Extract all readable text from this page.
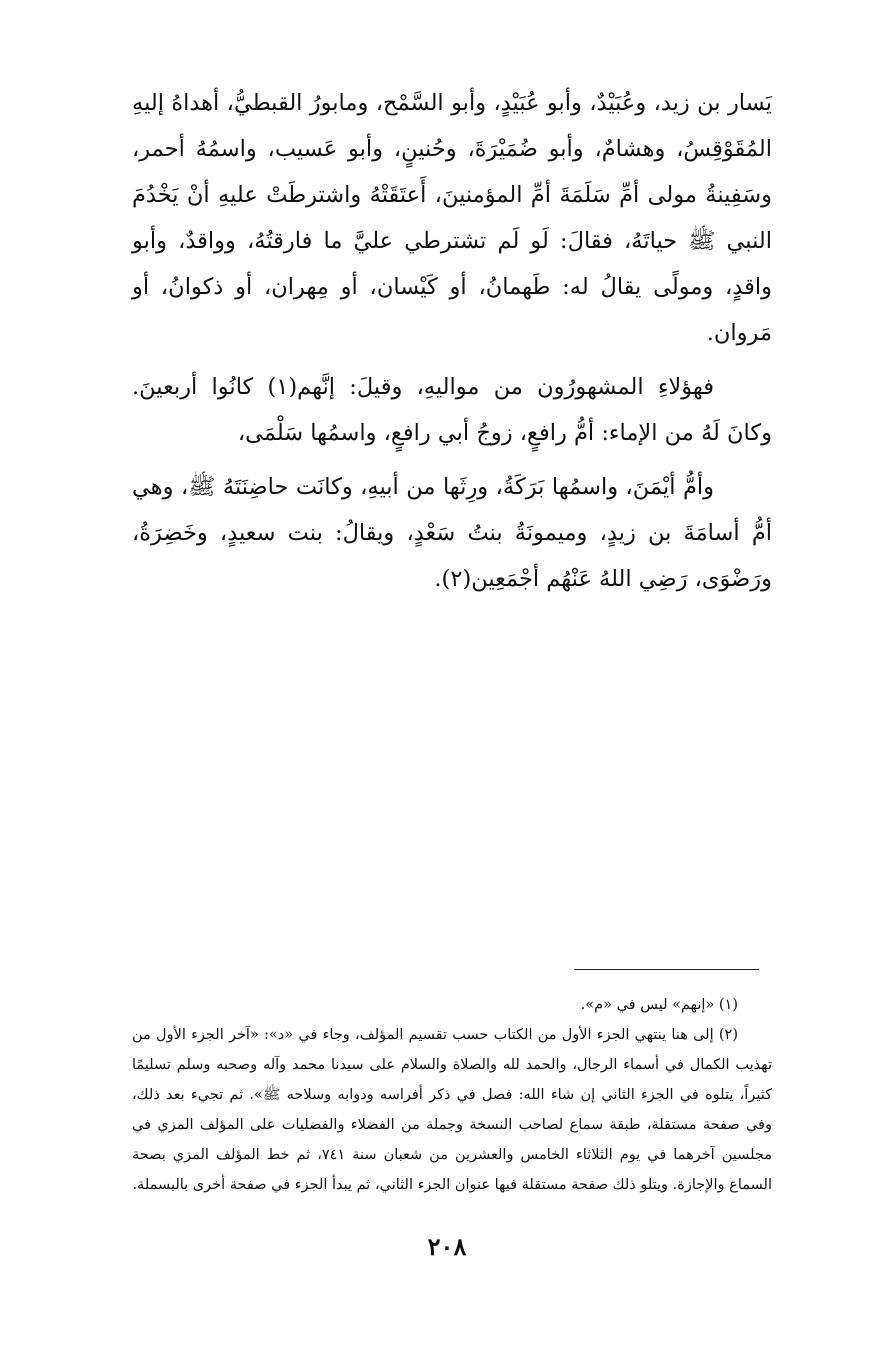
يَسار بن زيد، وعُبَيْدٌ، وأبو عُبَيْدٍ، وأبو السَّمْح، ومابورُ القبطيُّ، أهداهُ إليهِ المُقَوْقِسُ، وهشامٌ، وأبو ضُمَيْرَةَ، وحُنينٍ، وأبو عَسيب، واسمُهُ أحمر، وسَفِينةُ مولى أمِّ سَلَمَةَ أمِّ المؤمنينَ، أَعتَقَتْهُ واشترطَتْ عليهِ أنْ يَخْدُمَ النبي ﷺ حياتَهُ، فقالَ: لَو لَم تشترطي عليَّ ما فارقتُهُ، وواقدٌ، وأبو واقدٍ، ومولًى يقالُ له: طَهمانُ، أو كَيْسان، أو مِهران، أو ذكوانُ، أو مَروان.

فهؤلاءِ المشهورُون من مواليهِ، وقيلَ: إنَّهم(١) كانُوا أربعينَ. وكانَ لَهُ من الإماء: أمُّ رافعٍ، زوجُ أبي رافعٍ، واسمُها سَلْمَى،

وأمُّ أيْمَنَ، واسمُها بَرَكَةُ، ورِثَها من أبيهِ، وكانَت حاضِنَتَهُ ﷺ، وهي أمُّ أسامَةَ بن زيدٍ، وميمونَةُ بنتُ سَعْدٍ، ويقالُ: بنت سعيدٍ، وخَضِرَةُ، ورَضْوَى، رَضِي اللهُ عَنْهُم أجْمَعِين(٢).

(١) «إنهم» ليس في «م».

(٢) إلى هنا ينتهي الجزء الأول من الكتاب حسب تقسيم المؤلف، وجاء في «د»: «آخر الجزء الأول من تهذيب الكمال في أسماء الرجال، والحمد لله والصلاة والسلام على سيدنا محمد وآله وصحبه وسلم تسليمًا كثيراً، يتلوه في الجزء الثاني إن شاء الله: فصل في ذكر أفراسه ودوابه وسلاحه ﷺ». ثم تجيء بعد ذلك، وفي صفحة مستقلة، طبقة سماع لصاحب النسخة وجملة من الفضلاء والفضليات على المؤلف المزي في مجلسين آخرهما في يوم الثلاثاء الخامس والعشرين من شعبان سنة ٧٤١، ثم خط المؤلف المزي بصحة السماع والإجازة. ويتلو ذلك صفحة مستقلة فيها عنوان الجزء الثاني، ثم يبدأ الجزء في صفحة أخرى بالبسملة.

٢٠٨
